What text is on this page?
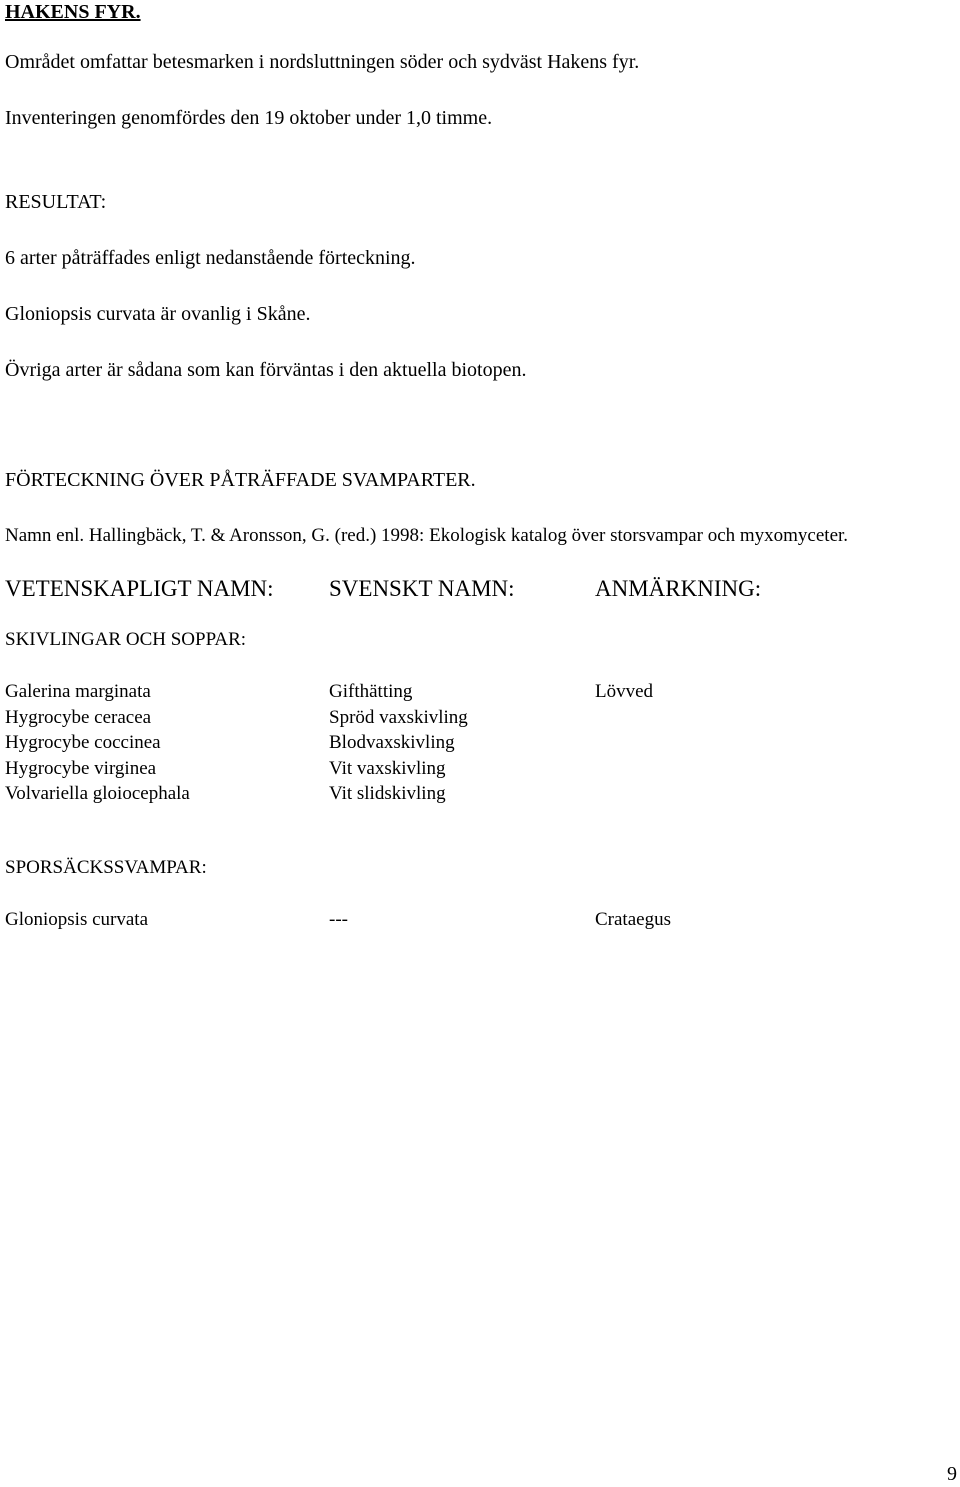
HAKENS FYR.
Området omfattar betesmarken i nordsluttningen söder och sydväst Hakens fyr.
Inventeringen genomfördes den 19 oktober under 1,0 timme.
RESULTAT:
6 arter påträffades enligt nedanstående förteckning.
Gloniopsis curvata är ovanlig i Skåne.
Övriga arter är sådana som kan förväntas i den aktuella biotopen.
FÖRTECKNING ÖVER PÅTRÄFFADE SVAMPARTER.
Namn enl. Hallingbäck, T. & Aronsson, G. (red.) 1998: Ekologisk katalog över storsvampar och myxomyceter.
VETENSKAPLIGT NAMN: SVENSKT NAMN:	ANMÄRKNING:
SKIVLINGAR OCH SOPPAR:
Galerina marginata	Gifthätting	Lövved
Hygrocybe ceracea	Spröd vaxskivling
Hygrocybe coccinea	Blodvaxskivling
Hygrocybe virginea	Vit vaxskivling
Volvariella gloiocephala	Vit slidskivling
SPORSÄCKSSVAMPAR:
Gloniopsis curvata	---	Crataegus
9
